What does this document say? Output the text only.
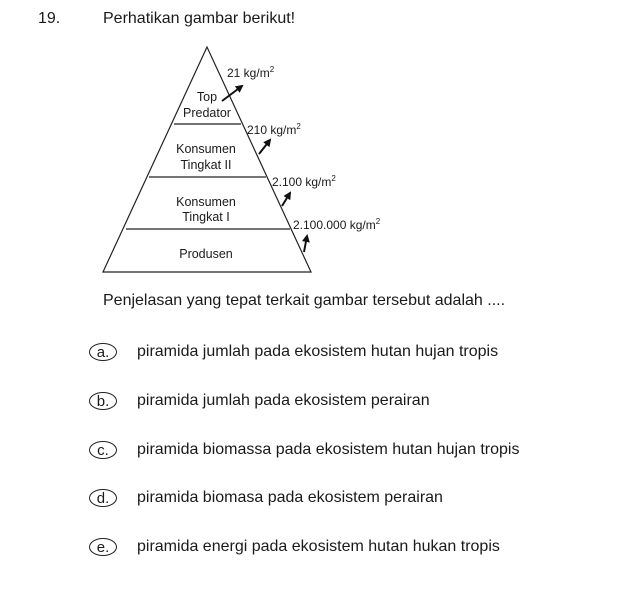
19.	Perhatikan gambar berikut!
Top
Predator
Konsumen
Tingkat II
Konsumen
Tingkat I
Produsen
21 $kg/m^2$
210 $kg/m^2$
2.100 $kg/m^2$
2.100.000 $kg/m^2$
Penjelasan yang tepat terkait gambar tersebut adalah ....
a.	piramida jumlah pada ekosistem hutan hujan tropis
b.	piramida jumlah pada ekosistem perairan
c.	piramida biomassa pada ekosistem hutan hujan tropis
d.	piramida biomasa pada ekosistem perairan
e.	piramida energi pada ekosistem hutan hukan tropis
